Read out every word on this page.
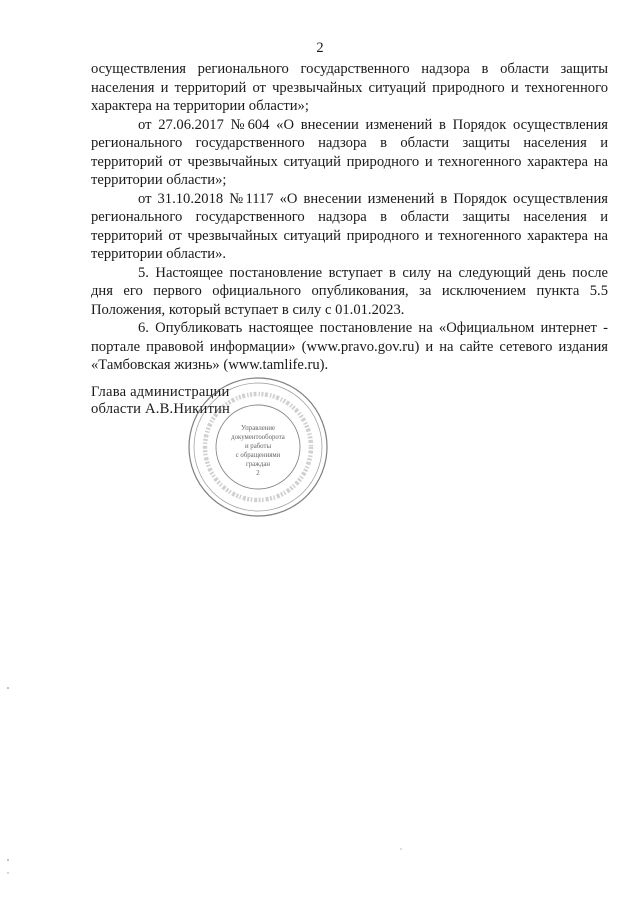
2

осуществления регионального государственного надзора в области защиты населения и территорий от чрезвычайных ситуаций природного и техногенного характера на территории области»;

от 27.06.2017 №604 «О внесении изменений в Порядок осуществления регионального государственного надзора в области защиты населения и территорий от чрезвычайных ситуаций природного и техногенного характера на территории области»;

от 31.10.2018 №1117 «О внесении изменений в Порядок осуществления регионального государственного надзора в области защиты населения и территорий от чрезвычайных ситуаций природного и техногенного характера на территории области».

5. Настоящее постановление вступает в силу на следующий день после дня его первого официального опубликования, за исключением пункта 5.5 Положения, который вступает в силу с 01.01.2023.

6. Опубликовать настоящее постановление на «Официальном интернет - портале правовой информации» (www.pravo.gov.ru) и на сайте сетевого издания «Тамбовская жизнь» (www.tamlife.ru).

Глава администрации
области А.В.Никитин
Управление
документооборота
и работы
с обращениями
граждан
2
